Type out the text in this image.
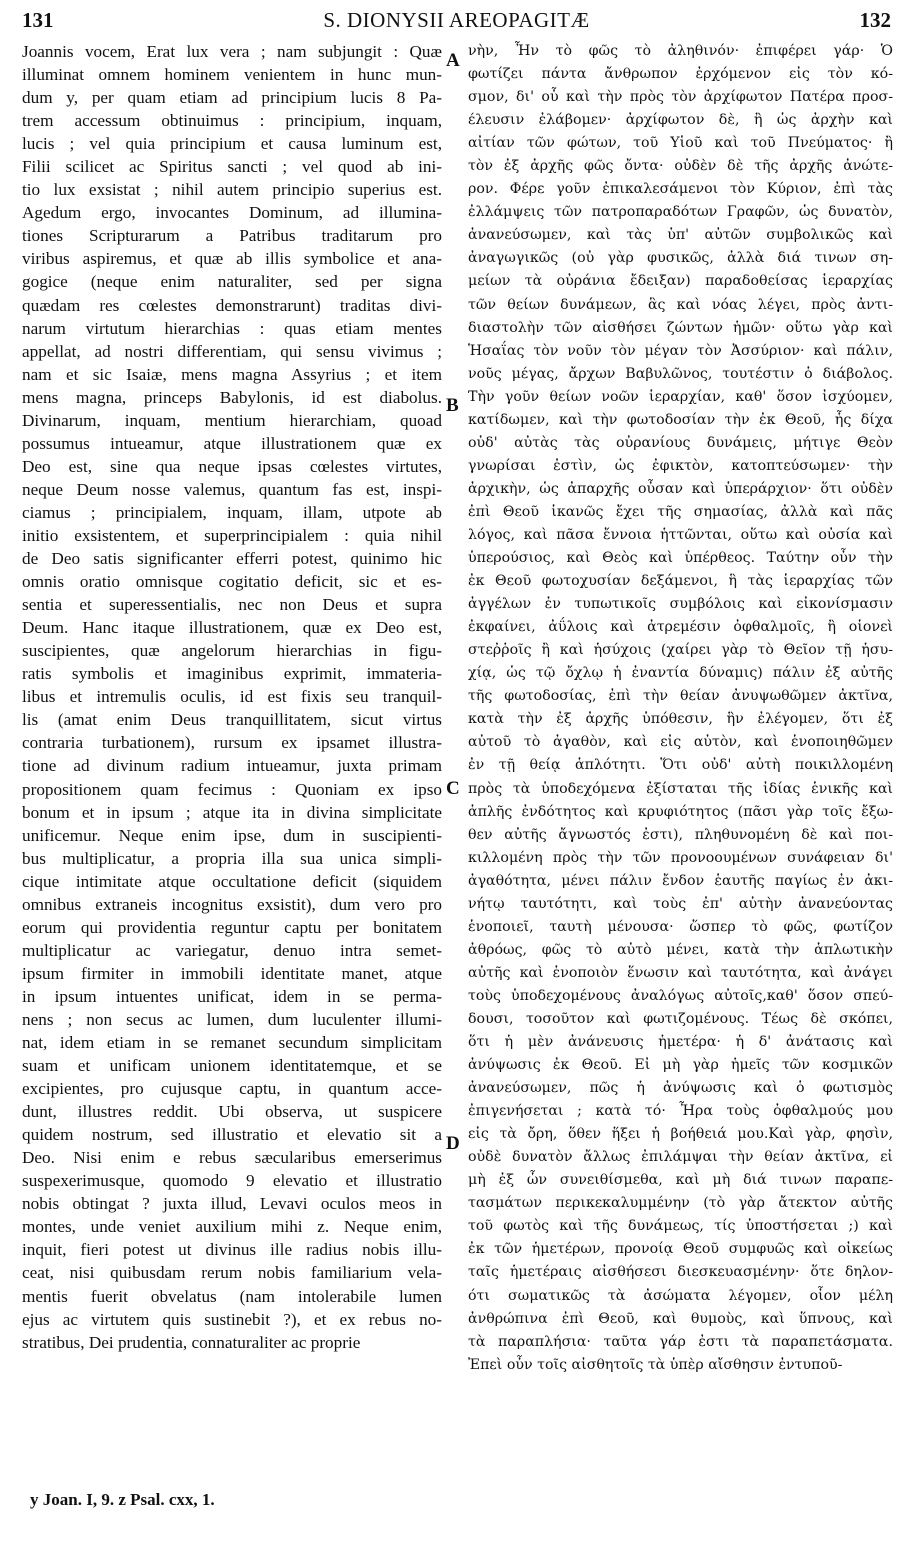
131	S. DIONYSII AREOPAGITÆ	132
Joannis vocem, Erat lux vera ; nam subjungit : Quæ
illuminat omnem hominem venientem in hunc mun-
dum y, per quam etiam ad principium lucis 8 Pa-
trem accessum obtinuimus : principium, inquam,
lucis ; vel quia principium et causa luminum est,
Filii scilicet ac Spiritus sancti ; vel quod ab ini-
tio lux exsistat ; nihil autem principio superius est.
Agedum ergo, invocantes Dominum, ad illumina-
tiones Scripturarum a Patribus traditarum pro
viribus aspiremus, et quæ ab illis symbolice et ana-
gogice (neque enim naturaliter, sed per signa
quædam res cœlestes demonstrarunt) traditas divi-
narum virtutum hierarchias : quas etiam mentes
appellat, ad nostri differentiam, qui sensu vivimus ;
nam et sic Isaiæ, mens magna Assyrius ; et item
mens magna, princeps Babylonis, id est diabolus.
Divinarum, inquam, mentium hierarchiam, quoad
possumus intueamur, atque illustrationem quæ ex
Deo est, sine qua neque ipsas cœlestes virtutes,
neque Deum nosse valemus, quantum fas est, inspi-
ciamus ; principialem, inquam, illam, utpote ab
initio exsistentem, et superprincipialem : quia nihil
de Deo satis significanter efferri potest, quinimo hic
omnis oratio omnisque cogitatio deficit, sic et es-
sentia et superessentialis, nec non Deus et supra
Deum. Hanc itaque illustrationem, quæ ex Deo est,
suscipientes, quæ angelorum hierarchias in figu-
ratis symbolis et imaginibus exprimit, immateria-
libus et intremulis oculis, id est fixis seu tranquil-
lis (amat enim Deus tranquillitatem, sicut virtus
contraria turbationem), rursum ex ipsamet illustra-
tione ad divinum radium intueamur, juxta primam
propositionem quam fecimus : Quoniam ex ipso
bonum et in ipsum ; atque ita in divina simplicitate
unificemur. Neque enim ipse, dum in suscipienti-
bus multiplicatur, a propria illa sua unica simpli-
cique intimitate atque occultatione deficit (siquidem
omnibus extraneis incognitus exsistit), dum vero pro
eorum qui providentia reguntur captu per bonitatem
multiplicatur ac variegatur, denuo intra semet-
ipsum firmiter in immobili identitate manet, atque
in ipsum intuentes unificat, idem in se perma-
nens ; non secus ac lumen, dum luculenter illumi-
nat, idem etiam in se remanet secundum simplicitam
suam et unificam unionem identitatemque, et se
excipientes, pro cujusque captu, in quantum acce-
dunt, illustres reddit. Ubi observa, ut suspicere
quidem nostrum, sed illustratio et elevatio sit a
Deo. Nisi enim e rebus sæcularibus emerserimus
suspexerimusque, quomodo 9 elevatio et illustratio
nobis obtingat ? juxta illud, Levavi oculos meos in
montes, unde veniet auxilium mihi z. Neque enim,
inquit, fieri potest ut divinus ille radius nobis illu-
ceat, nisi quibusdam rerum nobis familiarium vela-
mentis fuerit obvelatus (nam intolerabile lumen
ejus ac virtutem quis sustinebit ?), et ex rebus no-
stratibus, Dei prudentia, connaturaliter ac proprie
νὴν, Ἦν τὸ φῶς τὸ ἀληθινόν· ἐπιφέρει γάρ· Ὁ
φωτίζει πάντα ἄνθρωπον ἐρχόμενον εἰς τὸν κό-
σμον, δι' οὗ καὶ τὴν πρὸς τὸν ἀρχίφωτον Πατέρα προσ-
έλευσιν ἐλάβομεν· ἀρχίφωτον δὲ, ἢ ὡς ἀρχὴν καὶ
αἰτίαν τῶν φώτων, τοῦ Υἱοῦ καὶ τοῦ Πνεύματος· ἢ
τὸν ἐξ ἀρχῆς φῶς ὄντα· οὐδὲν δὲ τῆς ἀρχῆς ἀνώτε-
ρον. Φέρε γοῦν ἐπικαλεσάμενοι τὸν Κύριον, ἐπὶ τὰς
ἐλλάμψεις τῶν πατροπαραδότων Γραφῶν, ὡς δυνατὸν,
ἀνανεύσωμεν, καὶ τὰς ὑπ' αὐτῶν συμβολικῶς καὶ
ἀναγωγικῶς (οὐ γὰρ φυσικῶς, ἀλλὰ διά τινων ση-
μείων τὰ οὐράνια ἔδειξαν) παραδοθείσας ἱεραρχίας
τῶν θείων δυνάμεων, ἃς καὶ νόας λέγει, πρὸς ἀντι-
διαστολὴν τῶν αἰσθήσει ζώντων ἡμῶν· οὕτω γὰρ καὶ
Ἡσαΐας τὸν νοῦν τὸν μέγαν τὸν Ἀσσύριον· καὶ πάλιν,
νοῦς μέγας, ἄρχων Βαβυλῶνος, τουτέστιν ὁ διάβολος.
Τὴν γοῦν θείων νοῶν ἱεραρχίαν, καθ' ὅσον ἰσχύομεν,
κατίδωμεν, καὶ τὴν φωτοδοσίαν τὴν ἐκ Θεοῦ, ἧς δίχα
οὐδ' αὐτὰς τὰς οὐρανίους δυνάμεις, μήτιγε Θεὸν
γνωρίσαι ἐστὶν, ὡς ἐφικτὸν, κατοπτεύσωμεν· τὴν
ἀρχικὴν, ὡς ἀπαρχῆς οὖσαν καὶ ὑπεράρχιον· ὅτι οὐδὲν
ἐπὶ Θεοῦ ἱκανῶς ἔχει τῆς σημασίας, ἀλλὰ καὶ πᾶς
λόγος, καὶ πᾶσα ἔννοια ἡττῶνται, οὕτω καὶ οὐσία καὶ
ὑπερούσιος, καὶ Θεὸς καὶ ὑπέρθεος. Ταύτην οὖν τὴν
ἐκ Θεοῦ φωτοχυσίαν δεξάμενοι, ἣ τὰς ἱεραρχίας τῶν
ἀγγέλων ἐν τυπωτικοῖς συμβόλοις καὶ εἰκονίσμασιν
ἐκφαίνει, ἀΰλοις καὶ ἀτρεμέσιν ὀφθαλμοῖς, ἢ οἱονεὶ
στεῤῥοῖς ἢ καὶ ἡσύχοις (χαίρει γὰρ τὸ Θεῖον τῇ ἡσυ-
χίᾳ, ὡς τῷ ὄχλῳ ἡ ἐναντία δύναμις) πάλιν ἐξ αὐτῆς
τῆς φωτοδοσίας, ἐπὶ τὴν θείαν ἀνυψωθῶμεν ἀκτῖνα,
κατὰ τὴν ἐξ ἀρχῆς ὑπόθεσιν, ἣν ἐλέγομεν, ὅτι ἐξ
αὐτοῦ τὸ ἀγαθὸν, καὶ εἰς αὐτὸν, καὶ ἑνοποιηθῶμεν
ἐν τῇ θείᾳ ἁπλότητι. Ὅτι οὐδ' αὐτὴ ποικιλλομένη
πρὸς τὰ ὑποδεχόμενα ἐξίσταται τῆς ἰδίας ἑνικῆς καὶ
ἁπλῆς ἐνδότητος καὶ κρυφιότητος (πᾶσι γὰρ τοῖς ἔξω-
θεν αὐτῆς ἄγνωστός ἐστι), πληθυνομένη δὲ καὶ ποι-
κιλλομένη πρὸς τὴν τῶν προνοουμένων συνάφειαν δι'
ἀγαθότητα, μένει πάλιν ἔνδον ἑαυτῆς παγίως ἐν ἀκι-
νήτῳ ταυτότητι, καὶ τοὺς ἐπ' αὐτὴν ἀνανεύοντας
ἑνοποιεῖ, ταυτὴ μένουσα· ὥσπερ τὸ φῶς, φωτίζον
ἀθρόως, φῶς τὸ αὐτὸ μένει, κατὰ τὴν ἁπλωτικὴν
αὐτῆς καὶ ἑνοποιὸν ἕνωσιν καὶ ταυτότητα, καὶ ἀνάγει
τοὺς ὑποδεχομένους ἀναλόγως αὐτοῖς,καθ' ὅσον σπεύ-
δουσι, τοσοῦτον καὶ φωτιζομένους. Τέως δὲ σκόπει,
ὅτι ἡ μὲν ἀνάνευσις ἡμετέρα· ἡ δ' ἀνάτασις καὶ
ἀνύψωσις ἐκ Θεοῦ. Εἰ μὴ γὰρ ἡμεῖς τῶν κοσμικῶν
ἀνανεύσωμεν, πῶς ἡ ἀνύψωσις καὶ ὁ φωτισμὸς
ἐπιγενήσεται ; κατὰ τό· Ἦρα τοὺς ὀφθαλμούς μου
εἰς τὰ ὄρη, ὅθεν ἥξει ἡ βοήθειά μου.Καὶ γὰρ, φησὶν,
οὐδὲ δυνατὸν ἄλλως ἐπιλάμψαι τὴν θείαν ἀκτῖνα, εἰ
μὴ ἐξ ὧν συνειθίσμεθα, καὶ μὴ διά τινων παραπε-
τασμάτων περικεκαλυμμένην (τὸ γὰρ ἄτεκτον αὐτῆς
τοῦ φωτὸς καὶ τῆς δυνάμεως, τίς ὑποστήσεται ;) καὶ
ἐκ τῶν ἡμετέρων, προνοίᾳ Θεοῦ συμφυῶς καὶ οἰκείως
ταῖς ἡμετέραις αἰσθήσεσι διεσκευασμένην· ὅτε δηλον-
ότι σωματικῶς τὰ ἀσώματα λέγομεν, οἷον μέλη
ἀνθρώπινα ἐπὶ Θεοῦ, καὶ θυμοὺς, καὶ ὕπνους, καὶ
τὰ παραπλήσια· ταῦτα γάρ ἐστι τὰ παραπετάσματα.
Ἐπεὶ οὖν τοῖς αἰσθητοῖς τὰ ὑπὲρ αἴσθησιν ἐντυποῦ-
A
B
C
D
y Joan. I, 9. z Psal. cxx, 1.
